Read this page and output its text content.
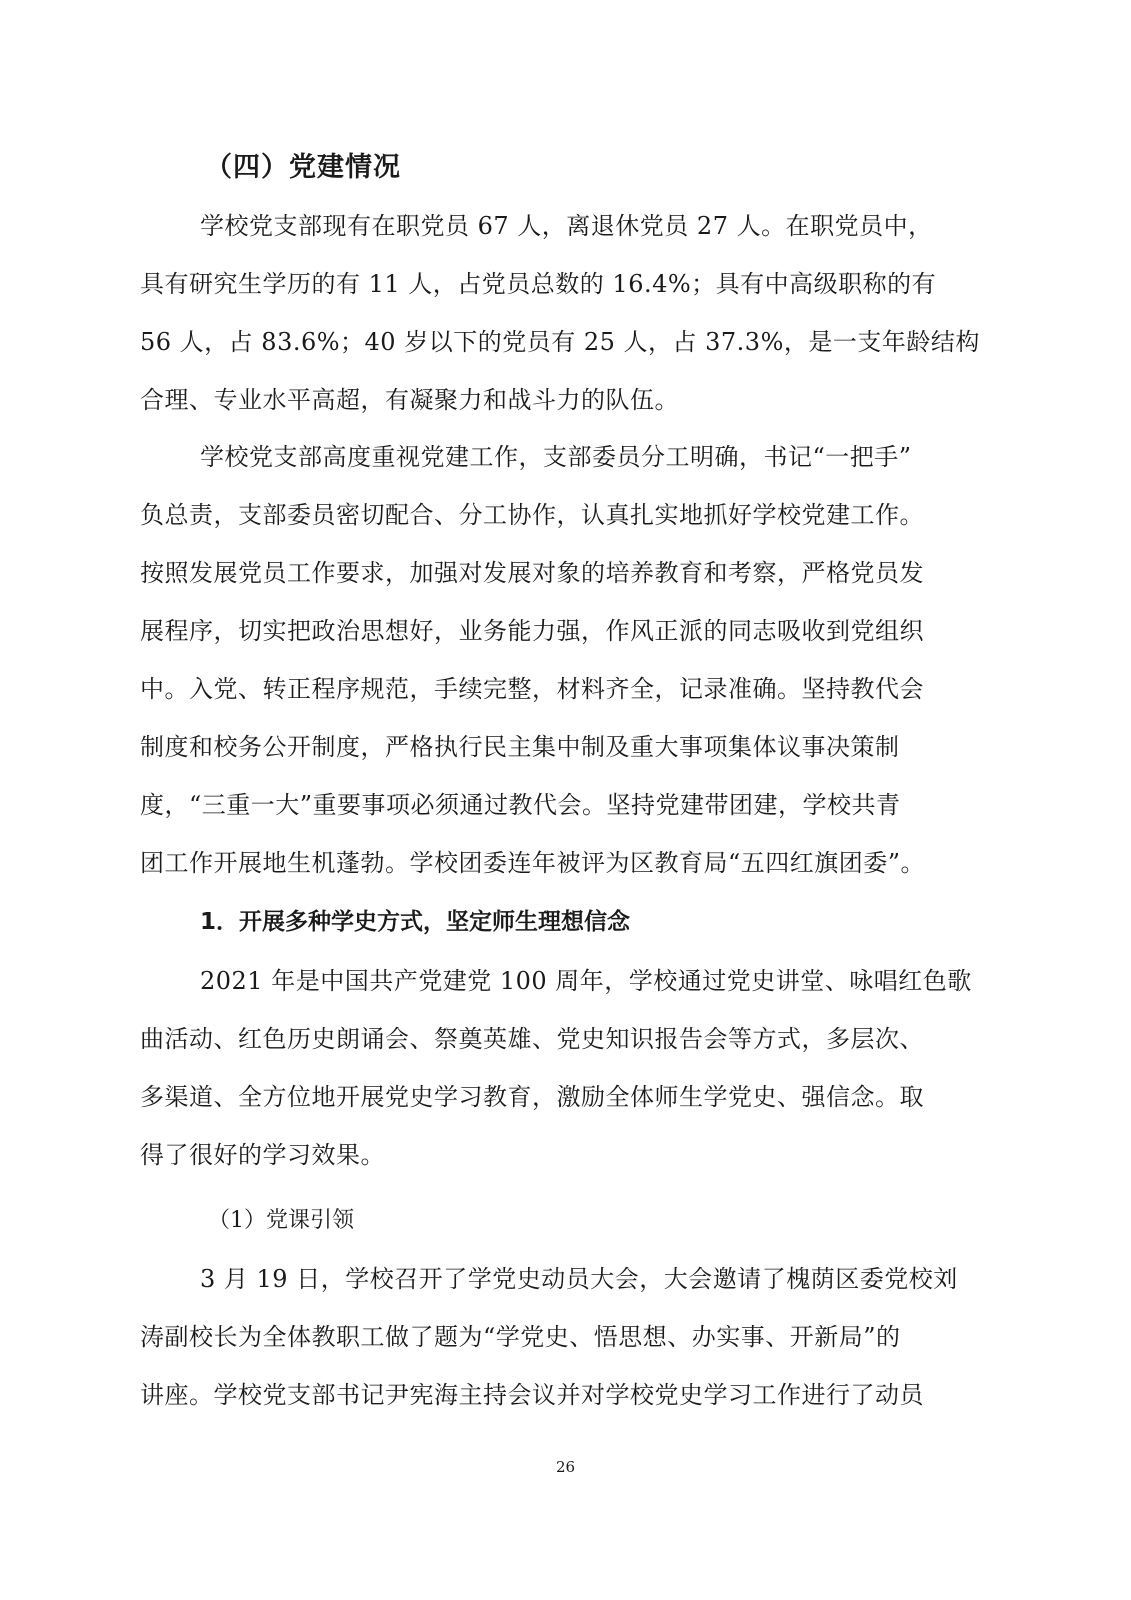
（四）党建情况
学校党支部现有在职党员 67 人，离退休党员 27 人。在职党员中，
具有研究生学历的有 11 人，占党员总数的 16.4%；具有中高级职称的有
56 人，占 83.6%；40 岁以下的党员有 25 人，占 37.3%，是一支年龄结构
合理、专业水平高超，有凝聚力和战斗力的队伍。
学校党支部高度重视党建工作，支部委员分工明确，书记“一把手”
负总责，支部委员密切配合、分工协作，认真扎实地抓好学校党建工作。
按照发展党员工作要求，加强对发展对象的培养教育和考察，严格党员发
展程序，切实把政治思想好，业务能力强，作风正派的同志吸收到党组织
中。入党、转正程序规范，手续完整，材料齐全，记录准确。坚持教代会
制度和校务公开制度，严格执行民主集中制及重大事项集体议事决策制
度，“三重一大”重要事项必须通过教代会。坚持党建带团建，学校共青
团工作开展地生机蓬勃。学校团委连年被评为区教育局“五四红旗团委”。
1．开展多种学史方式，坚定师生理想信念
2021 年是中国共产党建党 100 周年，学校通过党史讲堂、咏唱红色歌
曲活动、红色历史朗诵会、祭奠英雄、党史知识报告会等方式，多层次、
多渠道、全方位地开展党史学习教育，激励全体师生学党史、强信念。取
得了很好的学习效果。
（1）党课引领
3 月 19 日，学校召开了学党史动员大会，大会邀请了槐荫区委党校刘
涛副校长为全体教职工做了题为“学党史、悟思想、办实事、开新局”的
讲座。学校党支部书记尹宪海主持会议并对学校党史学习工作进行了动员
26
